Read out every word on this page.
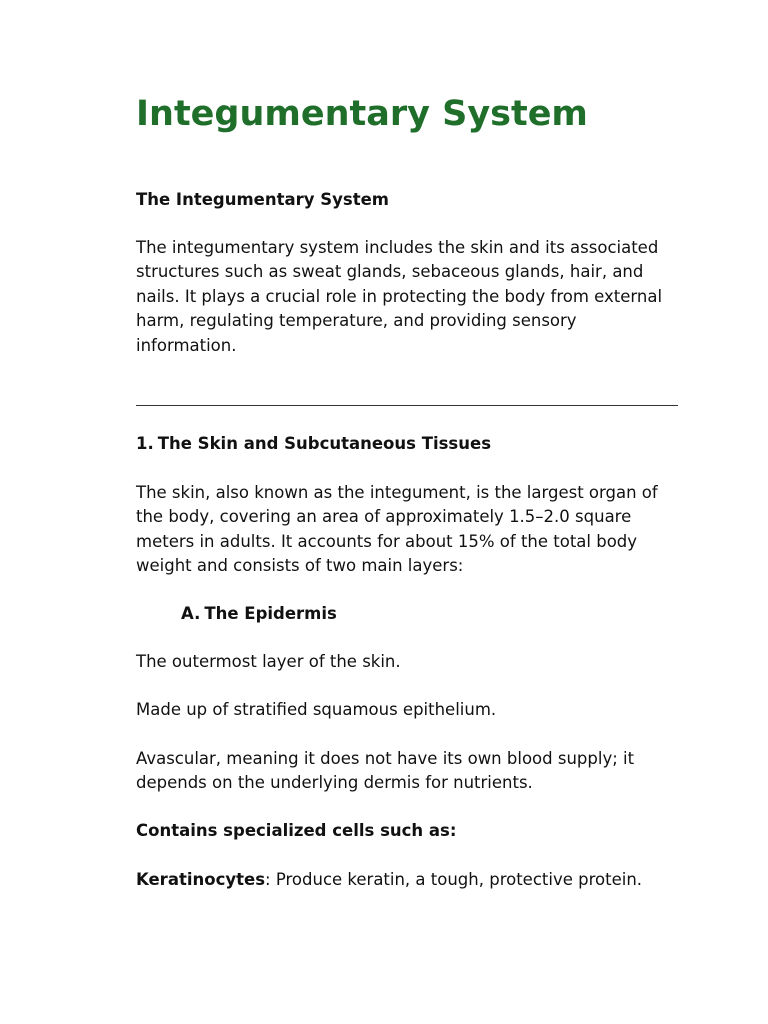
Integumentary System

The Integumentary System

The integumentary system includes the skin and its associated structures such as sweat glands, sebaceous glands, hair, and nails. It plays a crucial role in protecting the body from external harm, regulating temperature, and providing sensory information.

1. The Skin and Subcutaneous Tissues

The skin, also known as the integument, is the largest organ of the body, covering an area of approximately 1.5–2.0 square meters in adults. It accounts for about 15% of the total body weight and consists of two main layers:

A. The Epidermis

The outermost layer of the skin.

Made up of stratified squamous epithelium.

Avascular, meaning it does not have its own blood supply; it depends on the underlying dermis for nutrients.

Contains specialized cells such as:

Keratinocytes: Produce keratin, a tough, protective protein.
